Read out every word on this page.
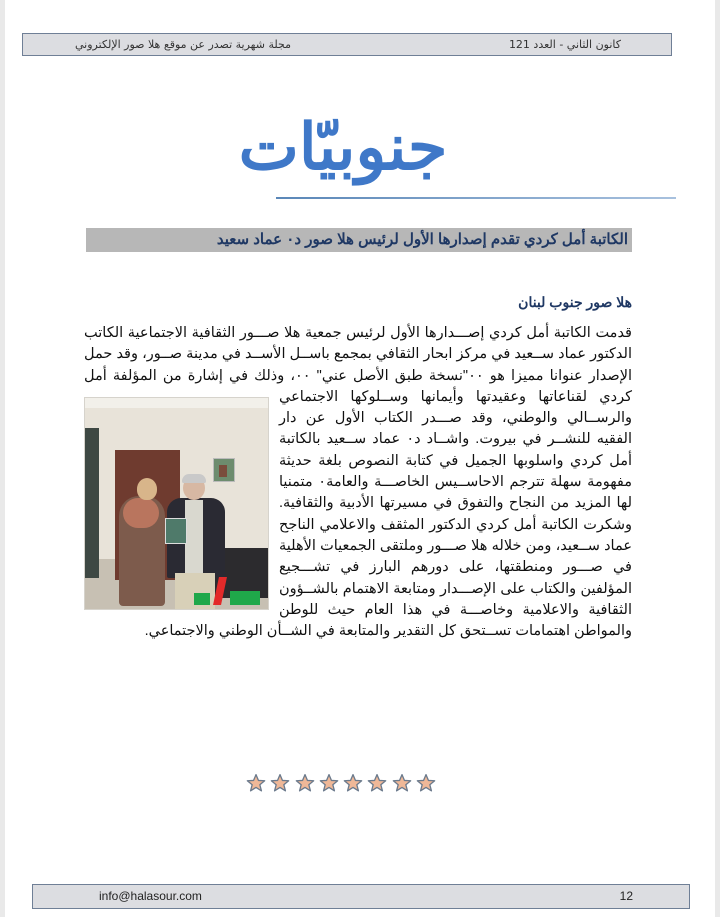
كانون الثاني - العدد 121
مجلة شهرية تصدر عن موقع هلا صور الإلكتروني
جنوبيّات
الكاتبة أمل كردي تقدم إصدارها الأول لرئيس هلا صور د٠ عماد سعيد
هلا صور جنوب لبنان
قدمت الكاتبة أمل كردي إصـــدارها الأول لرئيس جمعية هلا صـــور الثقافية الاجتماعية الكاتب الدكتور عماد ســعيد في مركز ابحار الثقافي بمجمع باســل الأســد في مدينة صــور، وقد حمل الإصدار عنوانا مميزا هو ٠٠"نسخة طبق الأصل عني" ٠٠، وذلك في إشارة من المؤلفة أمل كردي لقناعاتها وعقيدتها وأيمانها وســلوكها الاجتماعي والرســالي والوطني، وقد صـــدر الكتاب الأول عن دار الفقيه للنشــر في بيروت. واشــاد د٠ عماد ســعيد بالكاتبة أمل كردي واسلوبها الجميل في كتابة النصوص بلغة حديثة مفهومة سهلة تترجم الاحاســيس الخاصـــة والعامة٠ متمنيا لها المزيد من النجاح والتفوق في مسيرتها الأدبية والثقافية. وشكرت الكاتبة أمل كردي الدكتور المثقف والاعلامي الناجح عماد ســعيد، ومن خلاله هلا صـــور وملتقى الجمعيات الأهلية في صـــور ومنطقتها، على دورهم البارز في تشـــجيع المؤلفين والكتاب على الإصـــدار ومتابعة الاهتمام بالشــؤون الثقافية والاعلامية وخاصـــة في هذا العام حيث للوطن والمواطن اهتمامات تســتحق كل التقدير والمتابعة في الشــأن الوطني والاجتماعي.
info@halasour.com	12
